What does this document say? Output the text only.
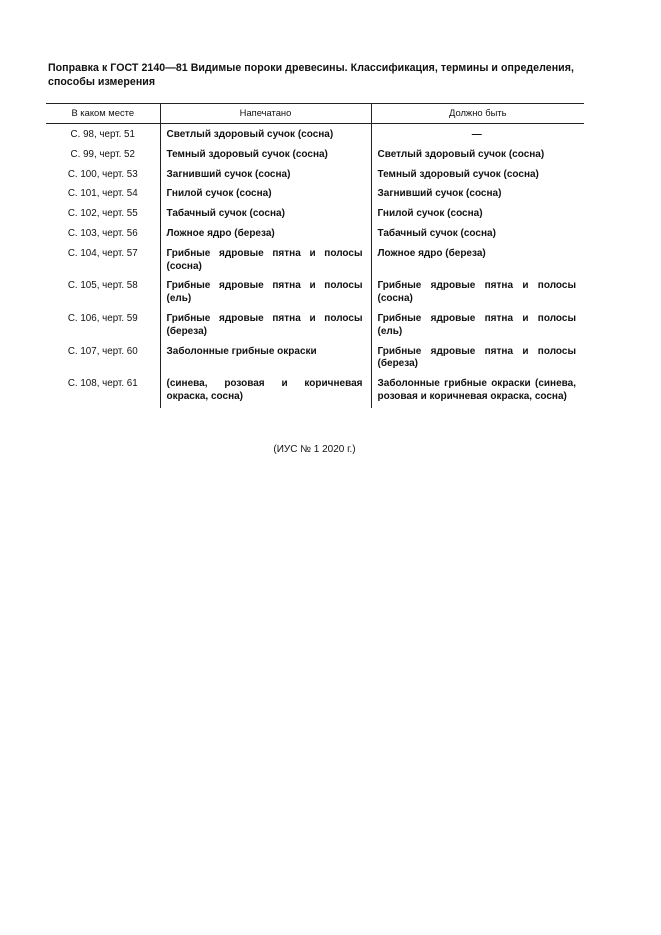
Поправка к ГОСТ 2140—81 Видимые пороки древесины. Классификация, термины и определения, способы измерения
В каком месте	Напечатано	Должно быть
С. 98, черт. 51	Светлый здоровый сучок (сосна)	—
С. 99, черт. 52	Темный здоровый сучок (сосна)	Светлый здоровый сучок (сосна)
С. 100, черт. 53	Загнивший сучок (сосна)	Темный здоровый сучок (сосна)
С. 101, черт. 54	Гнилой сучок (сосна)	Загнивший сучок (сосна)
С. 102, черт. 55	Табачный сучок (сосна)	Гнилой сучок (сосна)
С. 103, черт. 56	Ложное ядро (береза)	Табачный сучок (сосна)
С. 104, черт. 57	Грибные ядровые пятна и полосы (сосна)	Ложное ядро (береза)
С. 105, черт. 58	Грибные ядровые пятна и полосы (ель)	Грибные ядровые пятна и полосы (сосна)
С. 106, черт. 59	Грибные ядровые пятна и полосы (береза)	Грибные ядровые пятна и полосы (ель)
С. 107, черт. 60	Заболонные грибные окраски	Грибные ядровые пятна и полосы (береза)
С. 108, черт. 61	(синева, розовая и коричневая окраска, сосна)	Заболонные грибные окраски (синева, розовая и коричневая окраска, сосна)
(ИУС № 1 2020 г.)
